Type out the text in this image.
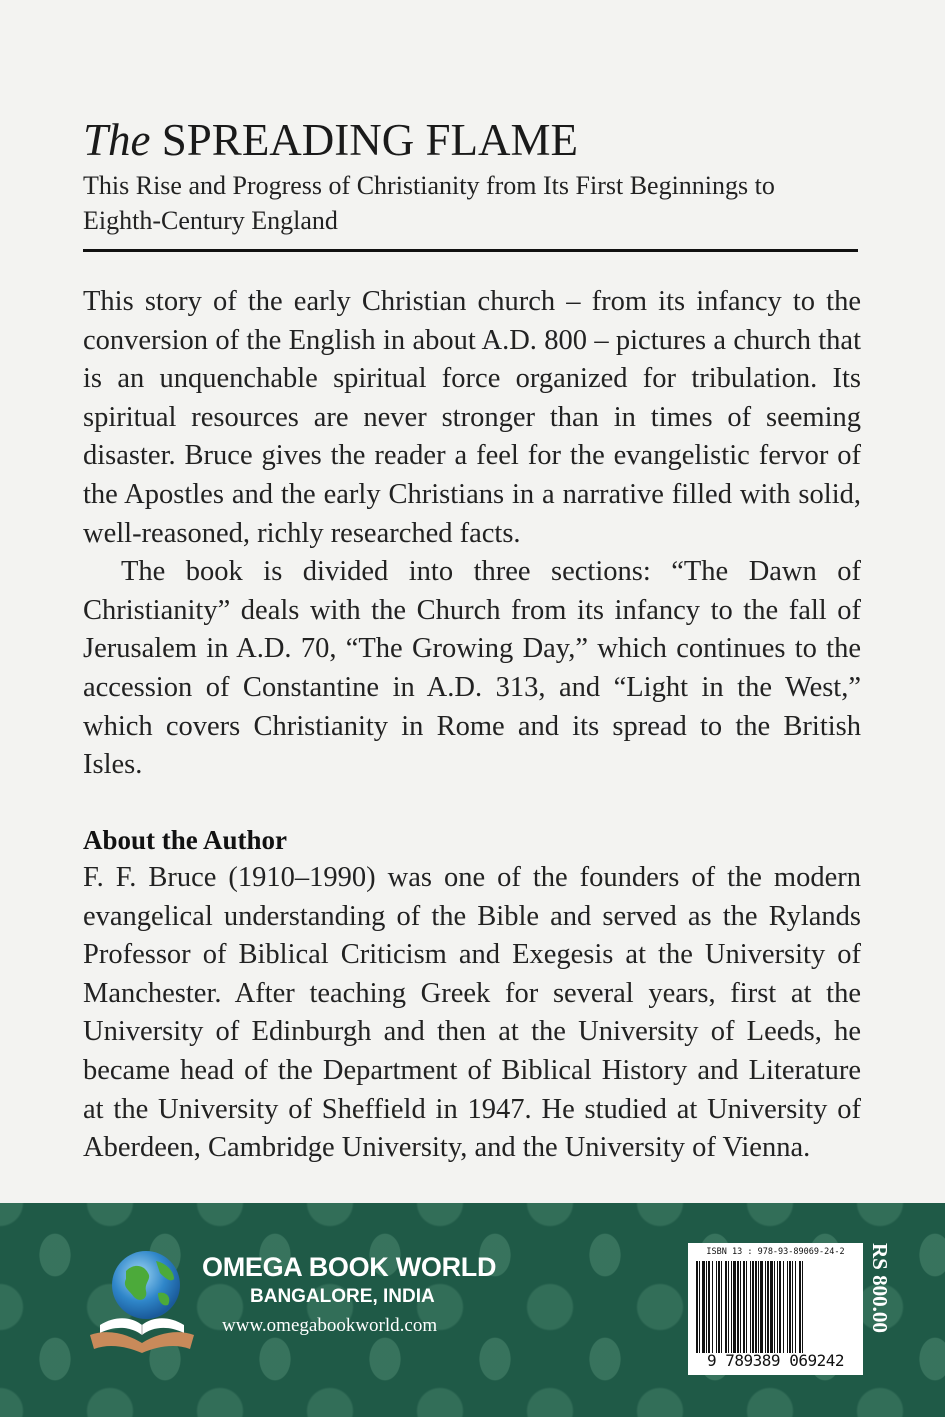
The SPREADING FLAME
This Rise and Progress of Christianity from Its First Beginnings to Eighth-Century England

This story of the early Christian church – from its infancy to the conversion of the English in about A.D. 800 – pictures a church that is an unquenchable spiritual force organized for tribulation. Its spiritual resources are never stronger than in times of seeming disaster. Bruce gives the reader a feel for the evangelistic fervor of the Apostles and the early Christians in a narrative filled with solid, well-reasoned, richly researched facts.

The book is divided into three sections: “The Dawn of Christianity” deals with the Church from its infancy to the fall of Jerusalem in A.D. 70, “The Growing Day,” which continues to the accession of Constantine in A.D. 313, and “Light in the West,” which covers Christianity in Rome and its spread to the British Isles.

About the Author

F. F. Bruce (1910–1990) was one of the founders of the modern evangelical understanding of the Bible and served as the Rylands Professor of Biblical Criticism and Exegesis at the University of Manchester. After teaching Greek for several years, first at the University of Edinburgh and then at the University of Leeds, he became head of the Department of Biblical History and Literature at the University of Sheffield in 1947. He studied at University of Aberdeen, Cambridge University, and the University of Vienna.

OMEGA BOOK WORLD
BANGALORE, INDIA
www.omegabookworld.com
ISBN 13 : 978-93-89069-24-2
9 789389 069242
RS 800.00
